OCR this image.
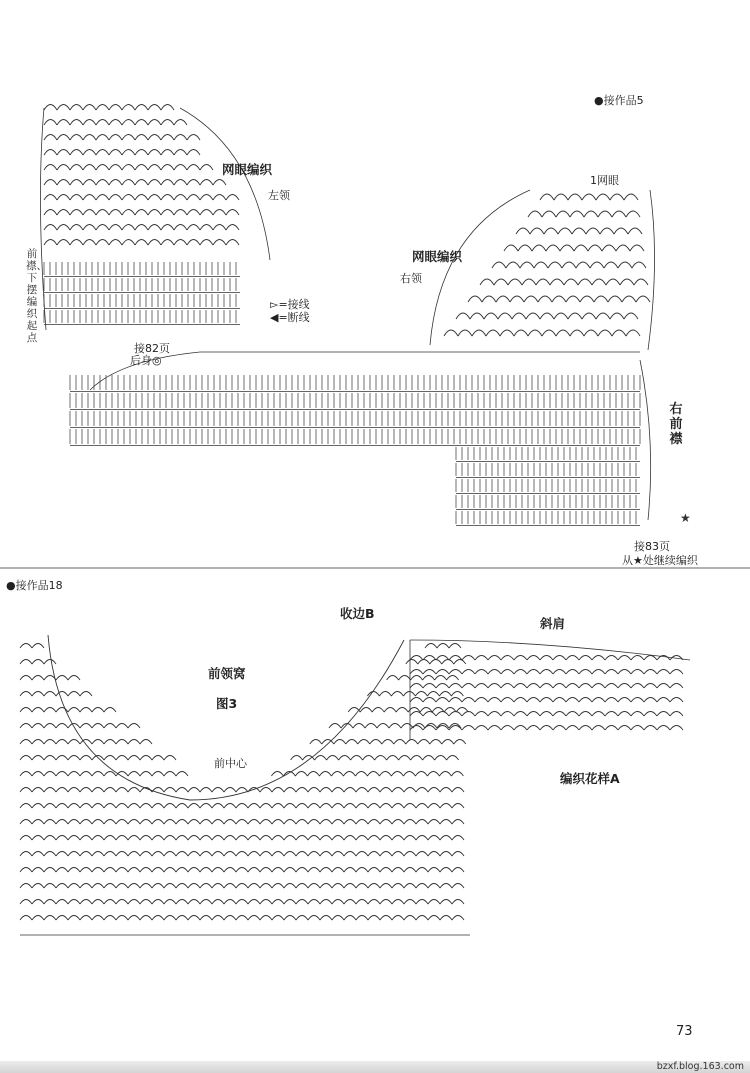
★
●接作品5
网眼编织
左领
1网眼
网眼编织
右领
前襟、下摆编织起点
▻=接线
◀=断线
接82页
后身◎
右前襟
接83页
从★处继续编织
●接作品18
收边B
斜肩
前领窝
图3
前中心
编织花样A
73
bzxf.blog.163.com
